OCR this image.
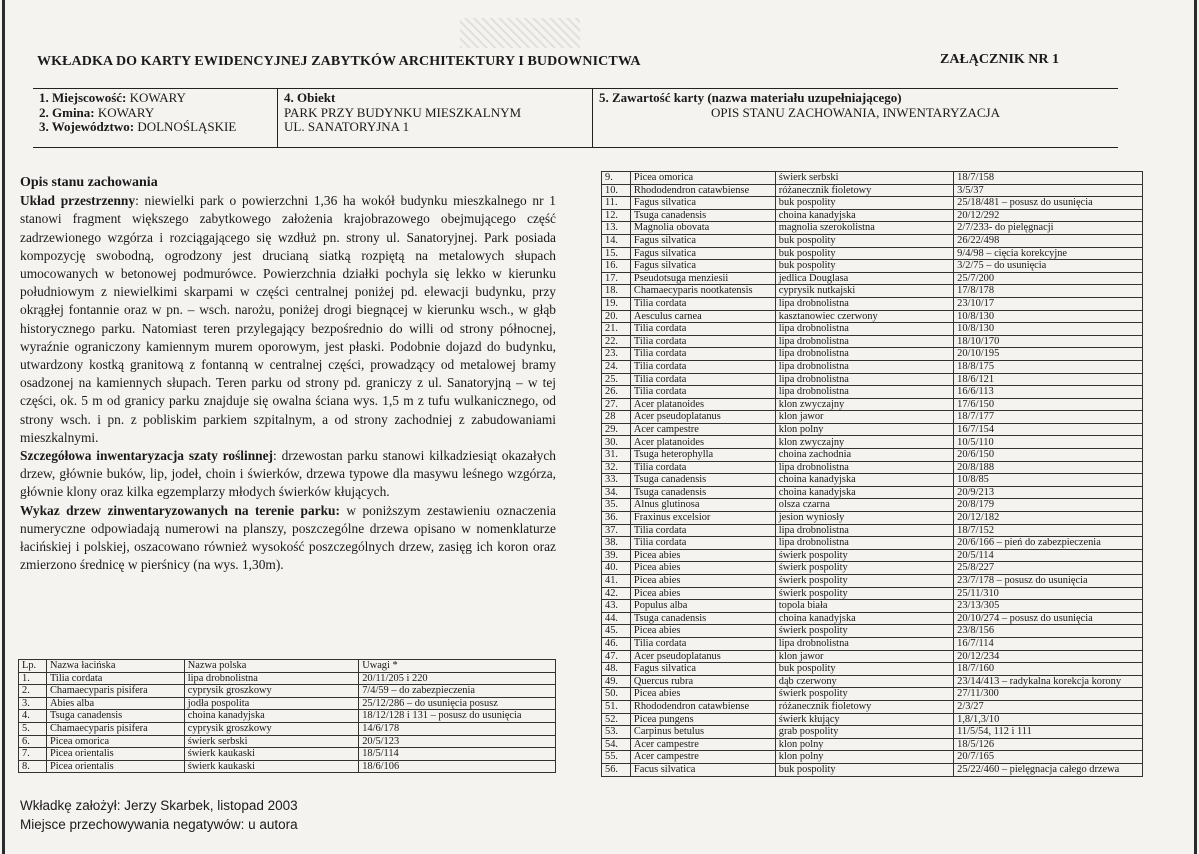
WKŁADKA DO KARTY EWIDENCYJNEJ ZABYTKÓW ARCHITEKTURY I BUDOWNICTWA	ZAŁĄCZNIK NR 1
1. Miejscowość: KOWARY
2. Gmina: KOWARY
3. Województwo: DOLNOŚLĄSKIE
4. Obiekt
PARK PRZY BUDYNKU MIESZKALNYM
UL. SANATORYJNA 1
5. Zawartość karty (nazwa materiału uzupełniającego)
OPIS STANU ZACHOWANIA, INWENTARYZACJA

Opis stanu zachowania

Układ przestrzenny: niewielki park o powierzchni 1,36 ha wokół budynku mieszkalnego nr 1 stanowi fragment większego zabytkowego założenia krajobrazowego obejmującego część zadrzewionego wzgórza i rozciągającego się wzdłuż pn. strony ul. Sanatoryjnej. Park posiada kompozycję swobodną, ogrodzony jest drucianą siatką rozpiętą na metalowych słupach umocowanych w betonowej podmurówce. Powierzchnia działki pochyla się lekko w kierunku południowym z niewielkimi skarpami w części centralnej poniżej pd. elewacji budynku, przy okrągłej fontannie oraz w pn. – wsch. narożu, poniżej drogi biegnącej w kierunku wsch., w głąb historycznego parku. Natomiast teren przylegający bezpośrednio do willi od strony północnej, wyraźnie ograniczony kamiennym murem oporowym, jest płaski. Podobnie dojazd do budynku, utwardzony kostką granitową z fontanną w centralnej części, prowadzący od metalowej bramy osadzonej na kamiennych słupach. Teren parku od strony pd. graniczy z ul. Sanatoryjną – w tej części, ok. 5 m od granicy parku znajduje się owalna ściana wys. 1,5 m z tufu wulkanicznego, od strony wsch. i pn. z pobliskim parkiem szpitalnym, a od strony zachodniej z zabudowaniami mieszkalnymi.

Szczegółowa inwentaryzacja szaty roślinnej: drzewostan parku stanowi kilkadziesiąt okazałych drzew, głównie buków, lip, jodeł, choin i świerków, drzewa typowe dla masywu leśnego wzgórza, głównie klony oraz kilka egzemplarzy młodych świerków kłujących.

Wykaz drzew zinwentaryzowanych na terenie parku: w poniższym zestawieniu oznaczenia numeryczne odpowiadają numerowi na planszy, poszczególne drzewa opisano w nomenklaturze łacińskiej i polskiej, oszacowano również wysokość poszczególnych drzew, zasięg ich koron oraz zmierzono średnicę w pierśnicy (na wys. 1,30m).

Lp.	Nazwa łacińska	Nazwa polska	Uwagi *
1.	Tilia cordata	lipa drobnolistna	20/11/205 i 220
2.	Chamaecyparis pisifera	cyprysik groszkowy	7/4/59 – do zabezpieczenia
3.	Abies alba	jodła pospolita	25/12/286 – do usunięcia posusz
4.	Tsuga canadensis	choina kanadyjska	18/12/128 i 131 – posusz do usunięcia
5.	Chamaecyparis pisifera	cyprysik groszkowy	14/6/178
6.	Picea omorica	świerk serbski	20/5/123
7.	Picea orientalis	świerk kaukaski	18/5/114
8.	Picea orientalis	świerk kaukaski	18/6/106
9.	Picea omorica	świerk serbski	18/7/158
10.	Rhododendron catawbiense	różanecznik fioletowy	3/5/37
11.	Fagus silvatica	buk pospolity	25/18/481 – posusz do usunięcia
12.	Tsuga canadensis	choina kanadyjska	20/12/292
13.	Magnolia obovata	magnolia szerokolistna	2/7/233- do pielęgnacji
14.	Fagus silvatica	buk pospolity	26/22/498
15.	Fagus silvatica	buk pospolity	9/4/98 – cięcia korekcyjne
16.	Fagus silvatica	buk pospolity	3/2/75 – do usunięcia
17.	Pseudotsuga menziesii	jedlica Douglasa	25/7/200
18.	Chamaecyparis nootkatensis	cyprysik nutkajski	17/8/178
19.	Tilia cordata	lipa drobnolistna	23/10/17
20.	Aesculus carnea	kasztanowiec czerwony	10/8/130
21.	Tilia cordata	lipa drobnolistna	10/8/130
22.	Tilia cordata	lipa drobnolistna	18/10/170
23.	Tilia cordata	lipa drobnolistna	20/10/195
24.	Tilia cordata	lipa drobnolistna	18/8/175
25.	Tilia cordata	lipa drobnolistna	18/6/121
26.	Tilia cordata	lipa drobnolistna	16/6/113
27.	Acer platanoides	klon zwyczajny	17/6/150
28	Acer pseudoplatanus	klon jawor	18/7/177
29.	Acer campestre	klon polny	16/7/154
30.	Acer platanoides	klon zwyczajny	10/5/110
31.	Tsuga heterophylla	choina zachodnia	20/6/150
32.	Tilia cordata	lipa drobnolistna	20/8/188
33.	Tsuga canadensis	choina kanadyjska	10/8/85
34.	Tsuga canadensis	choina kanadyjska	20/9/213
35.	Alnus glutinosa	olsza czarna	20/8/179
36.	Fraxinus excelsior	jesion wyniosły	20/12/182
37.	Tilia cordata	lipa drobnolistna	18/7/152
38.	Tilia cordata	lipa drobnolistna	20/6/166 – pień do zabezpieczenia
39.	Picea abies	świerk pospolity	20/5/114
40.	Picea abies	świerk pospolity	25/8/227
41.	Picea abies	świerk pospolity	23/7/178 – posusz do usunięcia
42.	Picea abies	świerk pospolity	25/11/310
43.	Populus alba	topola biała	23/13/305
44.	Tsuga canadensis	choina kanadyjska	20/10/274 – posusz do usunięcia
45.	Picea abies	świerk pospolity	23/8/156
46.	Tilia cordata	lipa drobnolistna	16/7/114
47.	Acer pseudoplatanus	klon jawor	20/12/234
48.	Fagus silvatica	buk pospolity	18/7/160
49.	Quercus rubra	dąb czerwony	23/14/413 – radykalna korekcja korony
50.	Picea abies	świerk pospolity	27/11/300
51.	Rhododendron catawbiense	różanecznik fioletowy	2/3/27
52.	Picea pungens	świerk kłujący	1,8/1,3/10
53.	Carpinus betulus	grab pospolity	11/5/54, 112 i 111
54.	Acer campestre	klon polny	18/5/126
55.	Acer campestre	klon polny	20/7/165
56.	Facus silvatica	buk pospolity	25/22/460 – pielęgnacja całego drzewa
Wkładkę założył: Jerzy Skarbek, listopad 2003
Miejsce przechowywania negatywów: u autora
